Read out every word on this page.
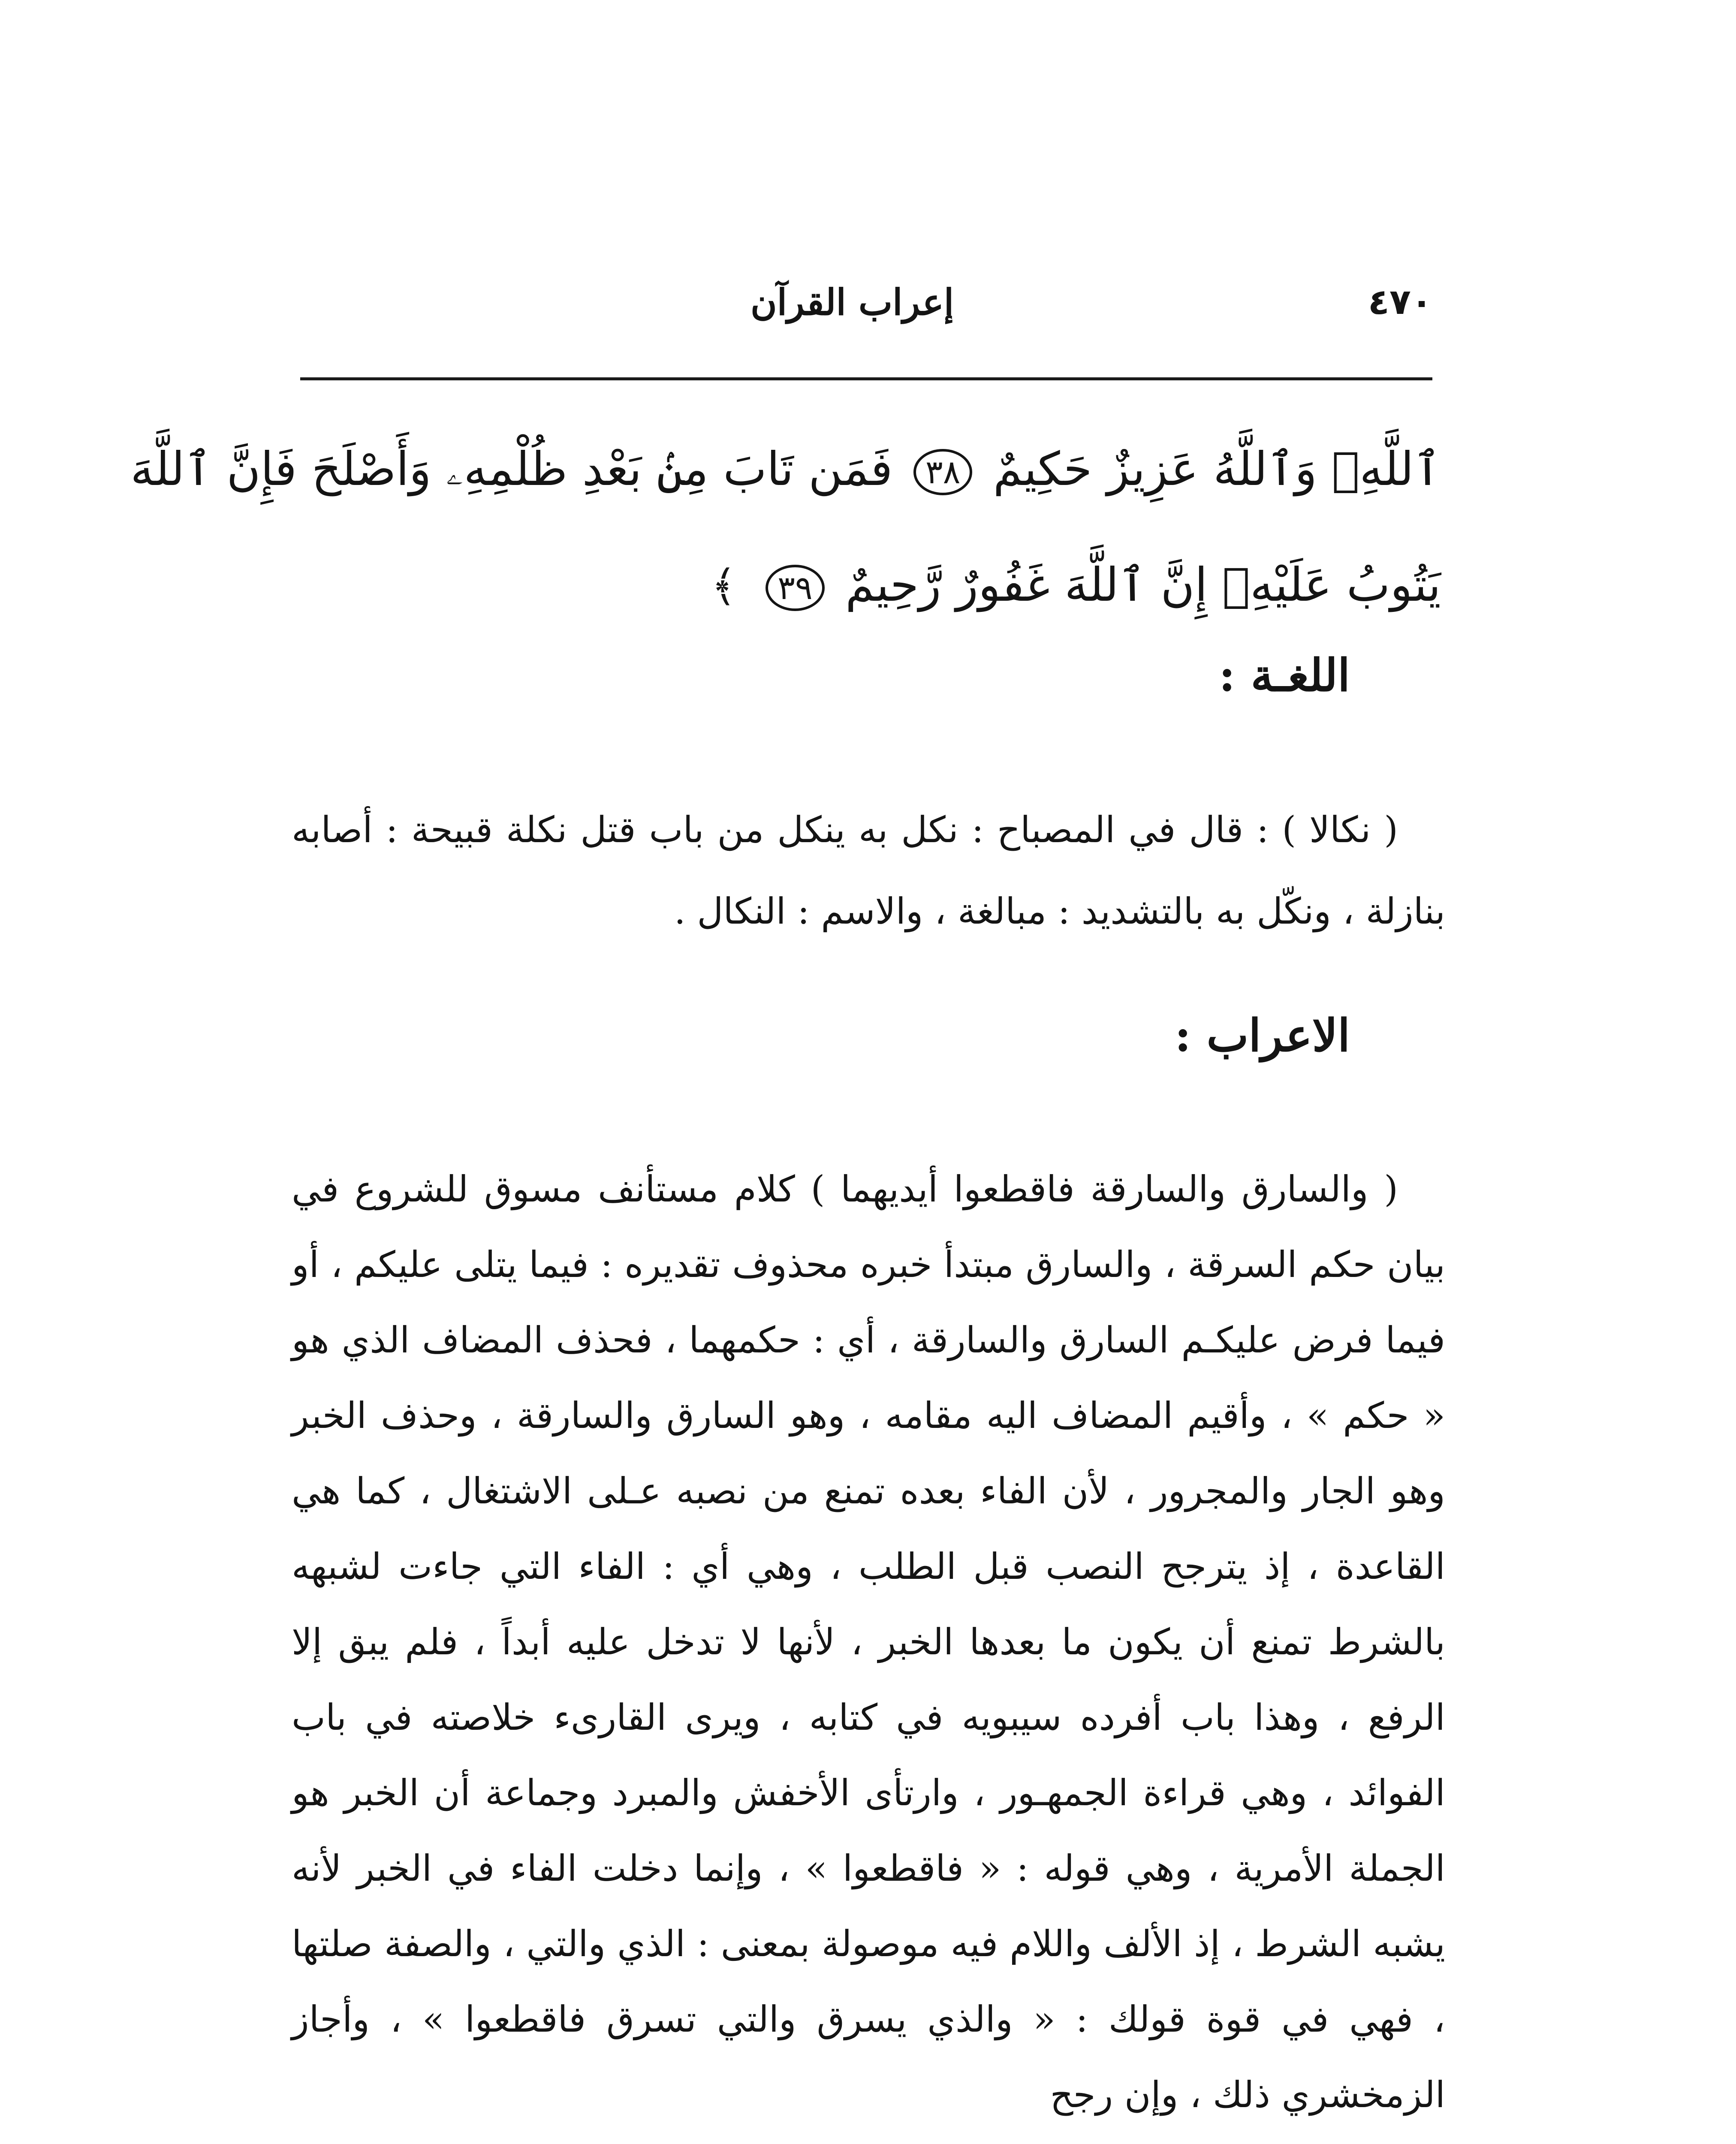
٤٧٠
إعراب القرآن
ٱللَّهِۗ وَٱللَّهُ عَزِيزٌ حَكِيمٌ ٣٨ فَمَن تَابَ مِنۢ بَعْدِ ظُلْمِهِۦ وَأَصْلَحَ فَإِنَّ ٱللَّهَ
يَتُوبُ عَلَيْهِۗ إِنَّ ٱللَّهَ غَفُورٌ رَّحِيمٌ ٣٩ ﴾
اللغـة :
( نكالا ) : قال في المصباح : نكل به ينكل من باب قتل نكلة قبيحة : أصابه بنازلة ، ونكّل به بالتشديد : مبالغة ، والاسم : النكال .
الاعراب :
( والسارق والسارقة فاقطعوا أيديهما ) كلام مستأنف مسوق للشروع في بيان حكم السرقة ، والسارق مبتدأ خبره محذوف تقديره : فيما يتلى عليكم ، أو فيما فرض عليكـم السارق والسارقة ، أي : حكمهما ، فحذف المضاف الذي هو « حكم » ، وأقيم المضاف اليه مقامه ، وهو السارق والسارقة ، وحذف الخبر وهو الجار والمجرور ، لأن الفاء بعده تمنع من نصبه عـلى الاشتغال ، كما هي القاعدة ، إذ يترجح النصب قبل الطلب ، وهي أي : الفاء التي جاءت لشبهه بالشرط تمنع أن يكون ما بعدها الخبر ، لأنها لا تدخل عليه أبداً ، فلم يبق إلا الرفع ، وهذا باب أفرده سيبويه في كتابه ، ويرى القارىء خلاصته في باب الفوائد ، وهي قراءة الجمهـور ، وارتأى الأخفش والمبرد وجماعة أن الخبر هو الجملة الأمرية ، وهي قوله : « فاقطعوا » ، وإنما دخلت الفاء في الخبر لأنه يشبه الشرط ، إذ الألف واللام فيه موصولة بمعنى : الذي والتي ، والصفة صلتها ، فهي في قوة قولك : « والذي يسرق والتي تسرق فاقطعوا » ، وأجاز الزمخشري ذلك ، وإن رجح
